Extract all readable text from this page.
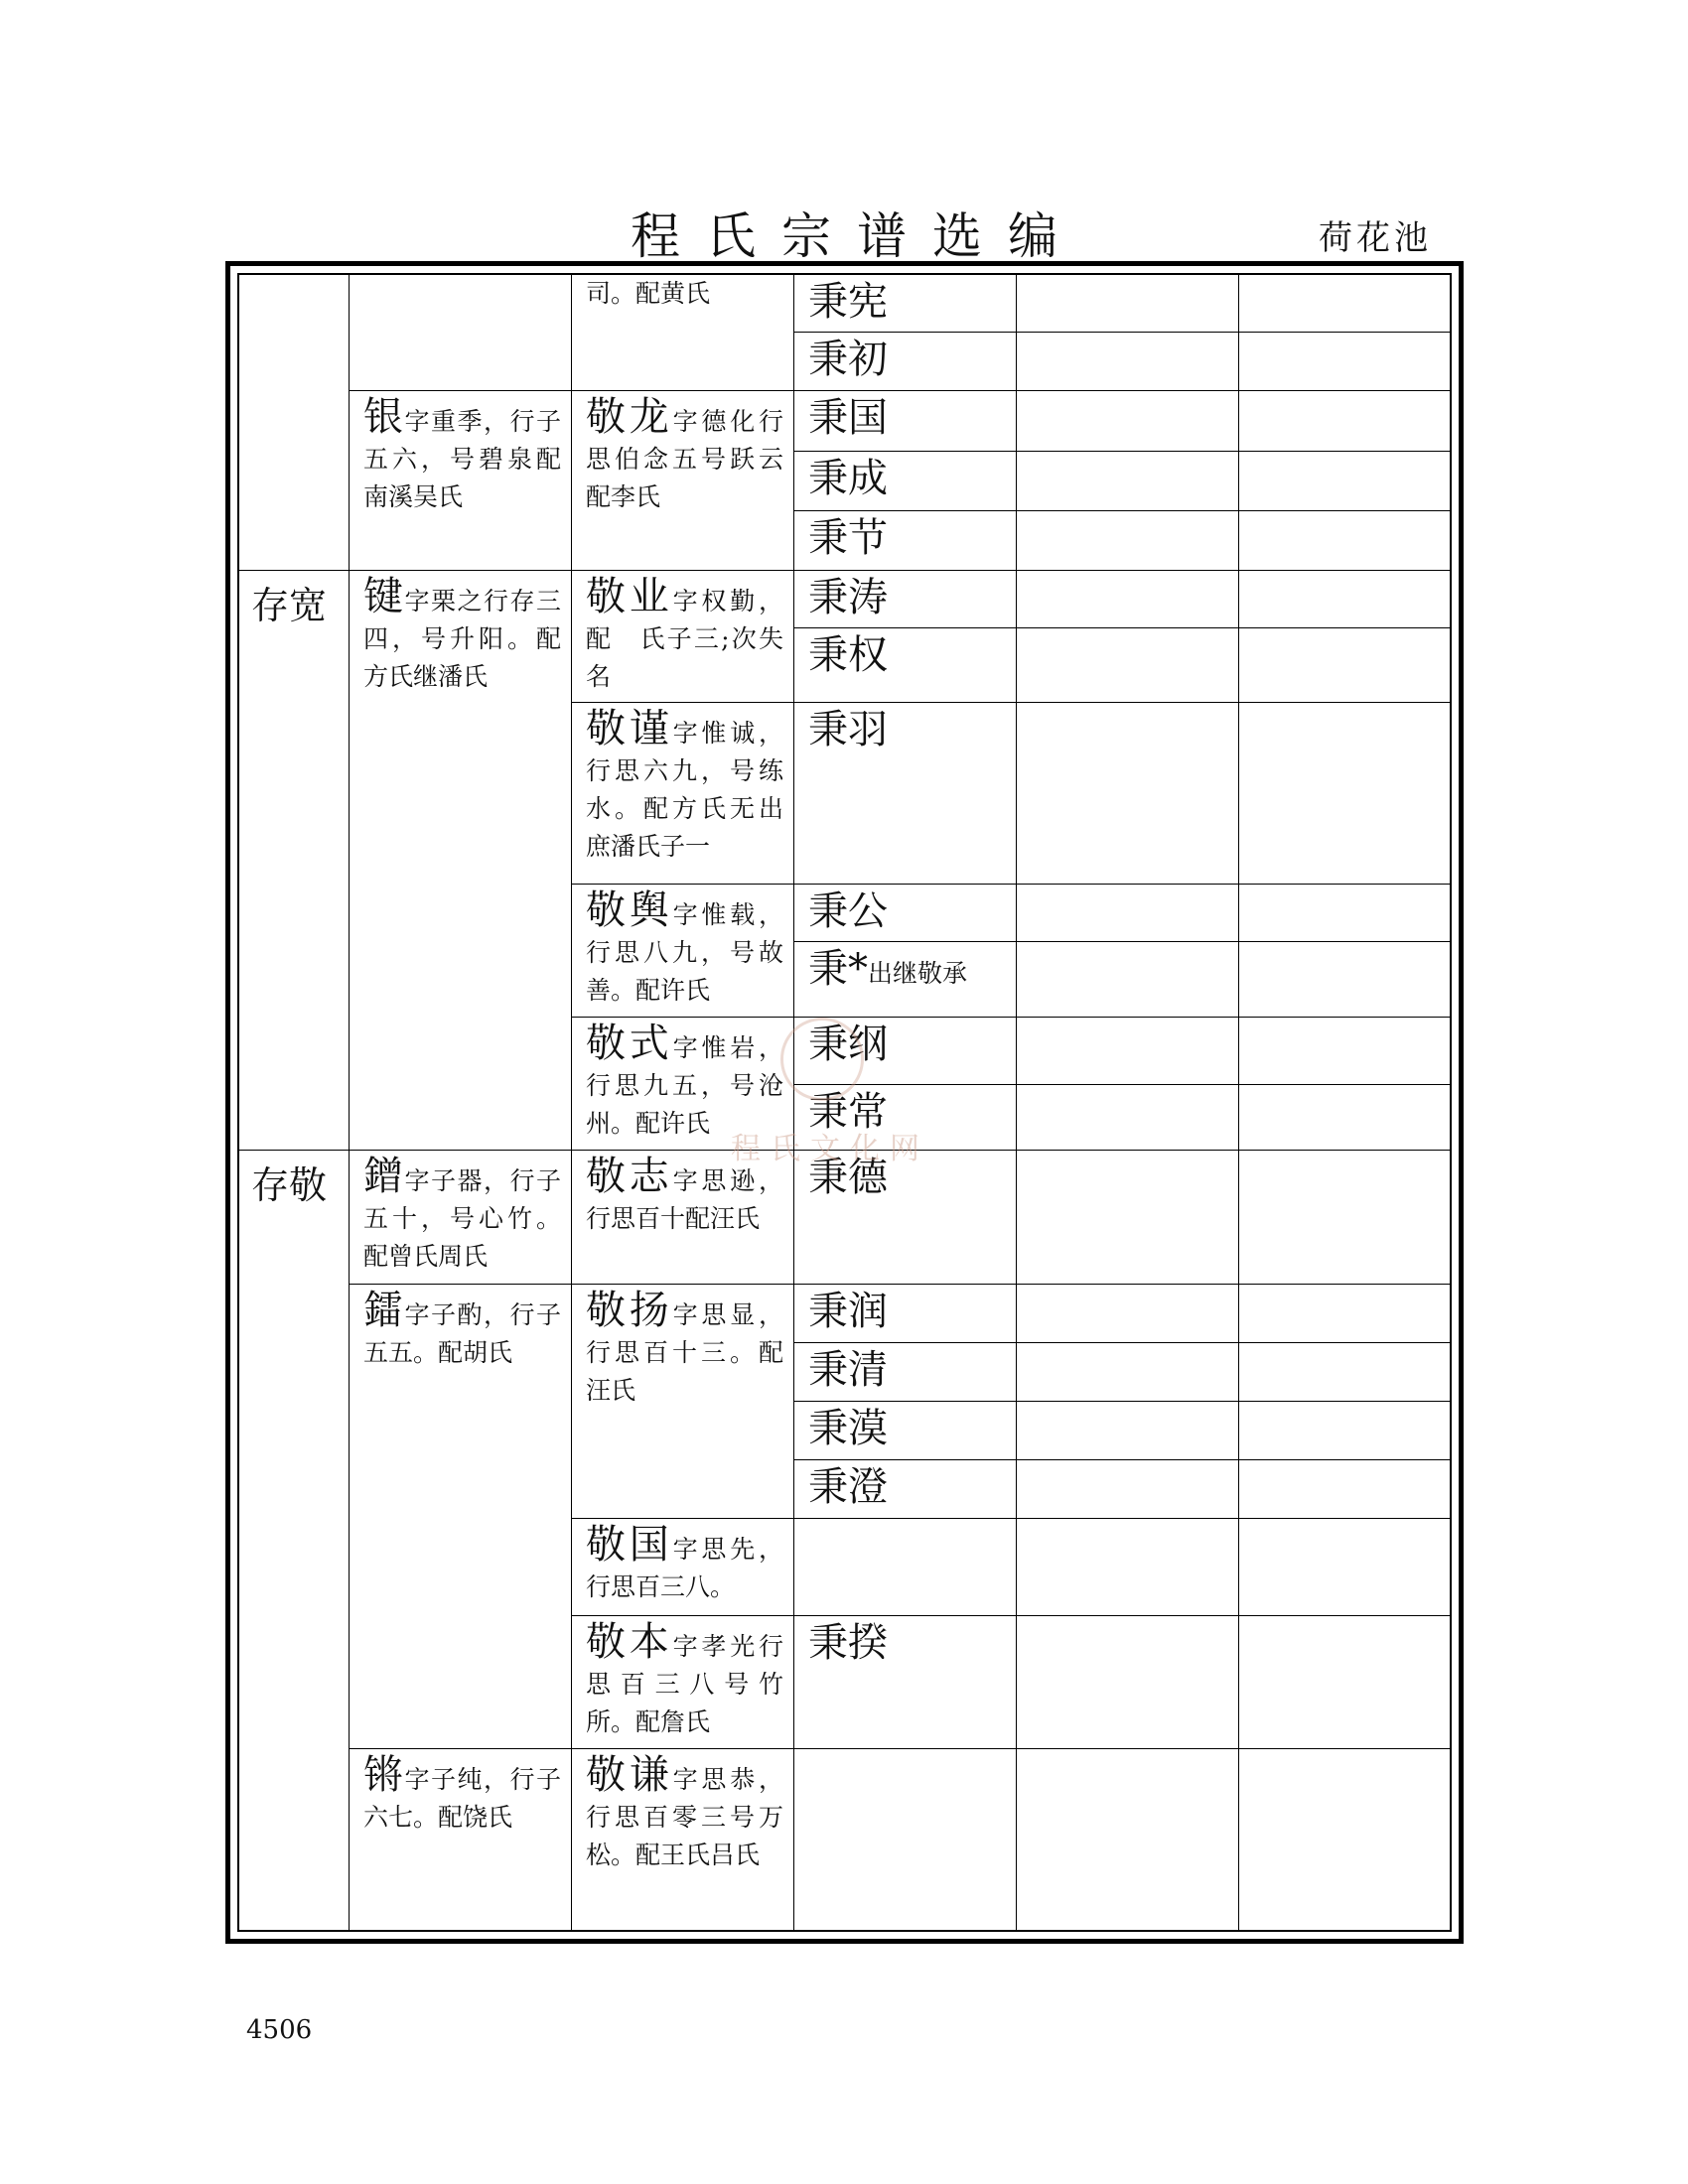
程氏宗谱选编	荷花池

		司。配黄氏	秉宪		

			秉初		

	银字重季，行子五六，号碧泉配南溪吴氏	敬龙字德化行思伯念五号跃云配李氏	秉国		

			秉成		

			秉节		

存宽	键字栗之行存三四，号升阳。配方氏继潘氏	敬业字权勤，配　氏子三;次失名	秉涛		

			秉权		

		敬谨字惟诚，行思六九，号练水。配方氏无出庶潘氏子一	秉羽		

		敬舆字惟载，行思八九，号故善。配许氏	秉公		

			秉*出继敬承		

		敬式字惟岩，行思九五，号沧州。配许氏	秉纲		

			秉常		

存敬	鏳字子器，行子五十，号心竹。配曾氏周氏	敬志字思逊，行思百十配汪氏	秉德		

	鐳字子酌，行子五五。配胡氏	敬扬字思显，行思百十三。配汪氏	秉润		

			秉清		

			秉漠		

			秉澄		

		敬国字思先，行思百三八。			

		敬本字孝光行思百三八号竹所。配詹氏	秉揆		

	锵字子纯，行子六七。配饶氏	敬谦字思恭，行思百零三号万松。配王氏吕氏			

程氏文化网
4506
